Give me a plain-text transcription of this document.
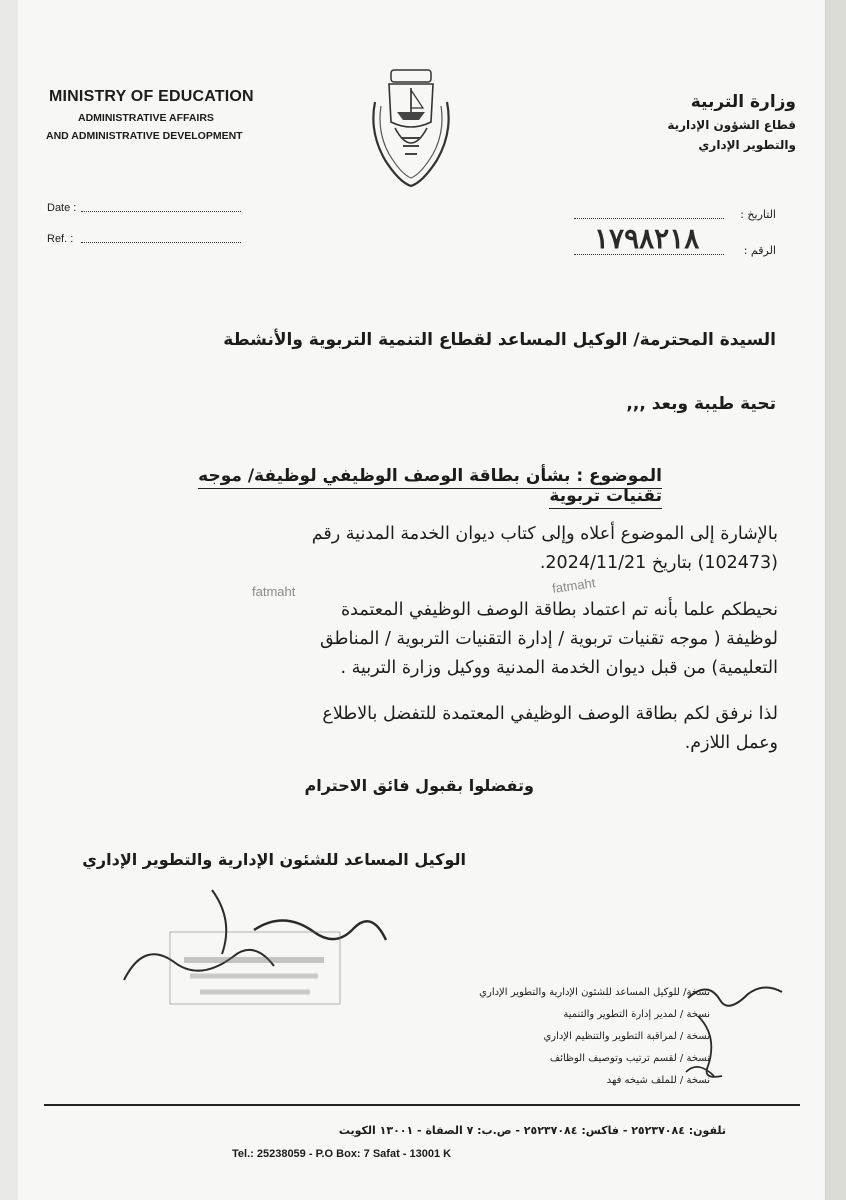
MINISTRY OF EDUCATION
ADMINISTRATIVE AFFAIRS
AND ADMINISTRATIVE DEVELOPMENT
وزارة التربية
قطاع الشؤون الإدارية
والتطوير الإداري
Date :
Ref. :
التاريخ :
الرقم :
١٧٩٨٢١٨
السيدة المحترمة/ الوكيل المساعد لقطاع التنمية التربوية والأنشطة
تحية طيبة وبعد ,,,
الموضوع : بشأن بطاقة الوصف الوظيفي لوظيفة/ موجه تقنيات تربوية
بالإشارة إلى الموضوع أعلاه وإلى كتاب ديوان الخدمة المدنية رقم
(102473) بتاريخ 2024/11/21.
fatmaht	fatmaht
نحيطكم علما بأنه تم اعتماد بطاقة الوصف الوظيفي المعتمدة
لوظيفة ( موجه تقنيات تربوية / إدارة التقنيات التربوية / المناطق
التعليمية) من قبل ديوان الخدمة المدنية ووكيل وزارة التربية .
لذا نرفق لكم بطاقة الوصف الوظيفي المعتمدة للتفضل بالاطلاع
وعمل اللازم.
وتفضلوا بقبول فائق الاحترام
الوكيل المساعد للشئون الإدارية والتطوير الإداري
نسخة/ للوكيل المساعد للشئون الإدارية والتطوير الإداري
نسخة / لمدير إدارة التطوير والتنمية
نسخة / لمراقبة التطوير والتنظيم الإداري
نسخة / لقسم ترتيب وتوصيف الوظائف
نسخة / للملف شيخه فهد
تلفون: ٢٥٢٣٧٠٨٤ - فاكس: ٢٥٢٣٧٠٨٤ - ص.ب: ٧ الصفاة - ١٣٠٠١ الكويت
Tel.: 25238059 - P.O Box: 7 Safat - 13001 K
